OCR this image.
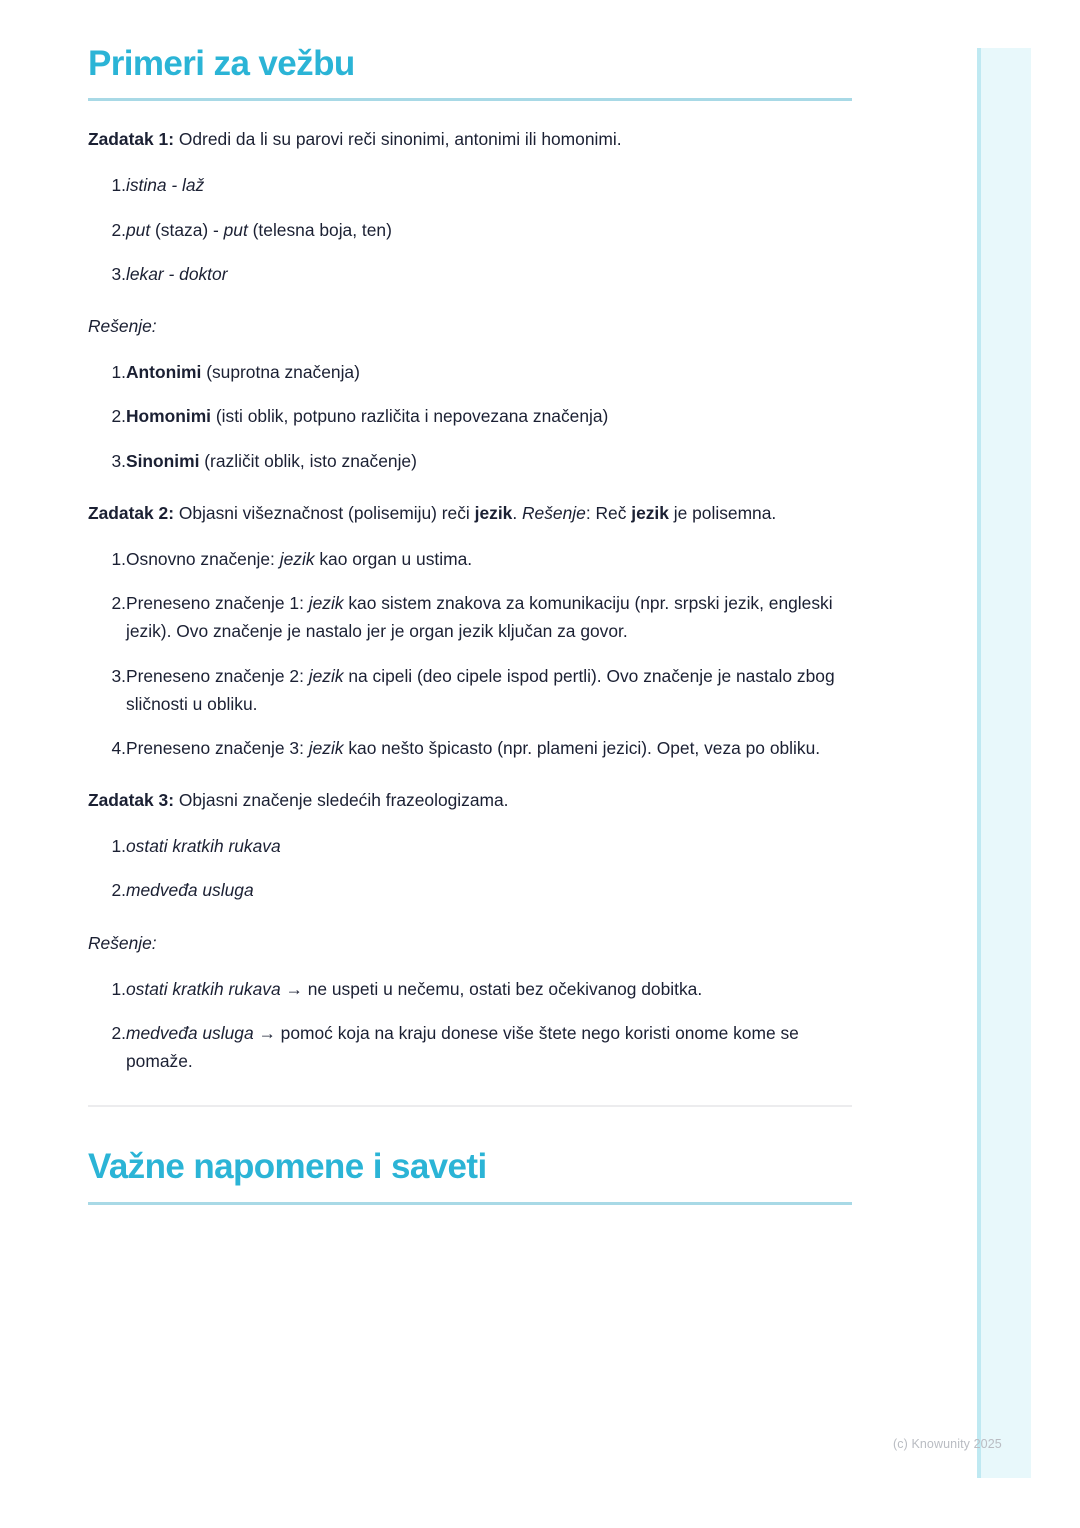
Primeri za vežbu

Zadatak 1: Odredi da li su parovi reči sinonimi, antonimi ili homonimi.

istina - laž
put (staza) - put (telesna boja, ten)
lekar - doktor

Rešenje:

Antonimi (suprotna značenja)
Homonimi (isti oblik, potpuno različita i nepovezana značenja)
Sinonimi (različit oblik, isto značenje)

Zadatak 2: Objasni višeznačnost (polisemiju) reči jezik. Rešenje: Reč jezik je polisemna.

Osnovno značenje: jezik kao organ u ustima.
Preneseno značenje 1: jezik kao sistem znakova za komunikaciju (npr. srpski jezik, engleski jezik). Ovo značenje je nastalo jer je organ jezik ključan za govor.
Preneseno značenje 2: jezik na cipeli (deo cipele ispod pertli). Ovo značenje je nastalo zbog sličnosti u obliku.
Preneseno značenje 3: jezik kao nešto špicasto (npr. plameni jezici). Opet, veza po obliku.

Zadatak 3: Objasni značenje sledećih frazeologizama.

ostati kratkih rukava
medveđa usluga

Rešenje:

ostati kratkih rukava → ne uspeti u nečemu, ostati bez očekivanog dobitka.
medveđa usluga → pomoć koja na kraju donese više štete nego koristi onome kome se pomaže.
Važne napomene i saveti
(c) Knowunity 2025
